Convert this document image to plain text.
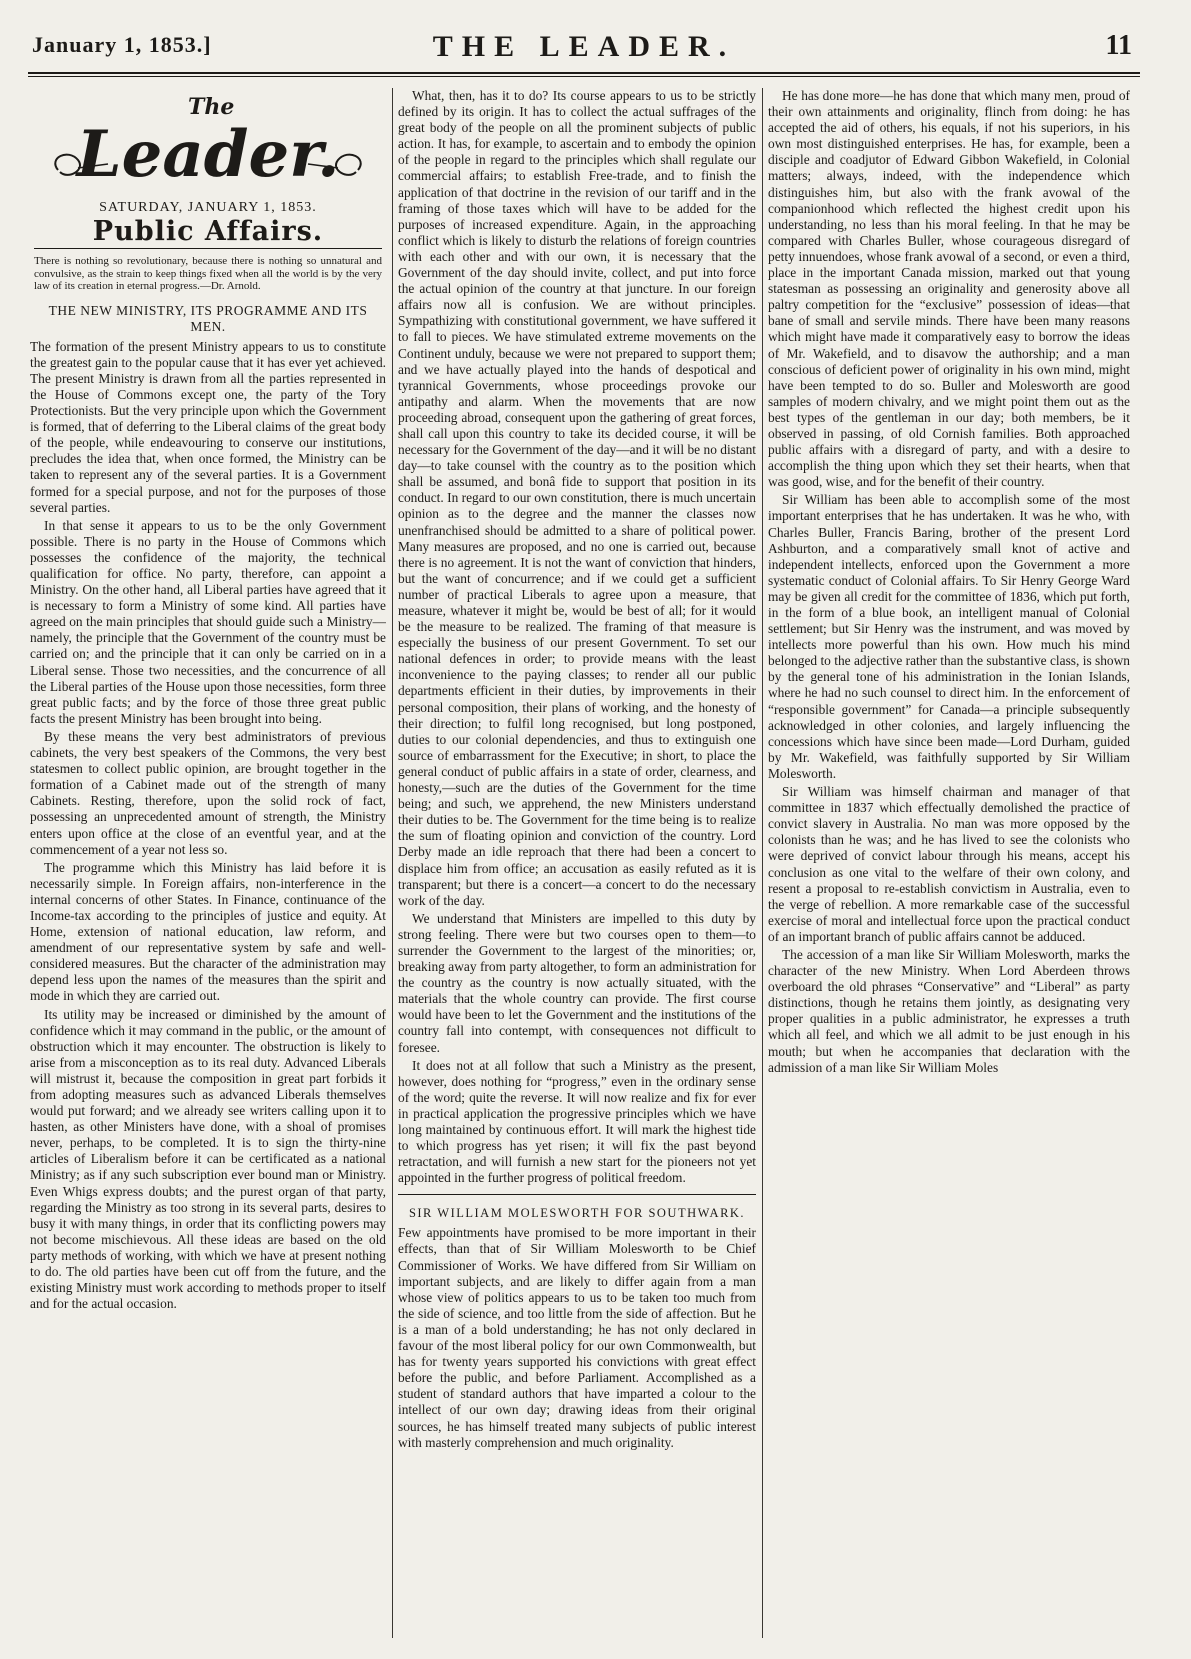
January 1, 1853.]	THE LEADER.	11
The
Leader.
SATURDAY, JANUARY 1, 1853.
Public Affairs.
There is nothing so revolutionary, because there is nothing so unnatural and convulsive, as the strain to keep things fixed when all the world is by the very law of its creation in eternal progress.—Dr. Arnold.
THE NEW MINISTRY, ITS PROGRAMME AND ITS MEN.

The formation of the present Ministry appears to us to constitute the greatest gain to the popular cause that it has ever yet achieved. The present Ministry is drawn from all the parties represented in the House of Commons except one, the party of the Tory Protectionists. But the very principle upon which the Government is formed, that of deferring to the Liberal claims of the great body of the people, while endeavouring to conserve our institutions, precludes the idea that, when once formed, the Ministry can be taken to represent any of the several parties. It is a Government formed for a special purpose, and not for the purposes of those several parties.

In that sense it appears to us to be the only Government possible. There is no party in the House of Commons which possesses the confidence of the majority, the technical qualification for office. No party, therefore, can appoint a Ministry. On the other hand, all Liberal parties have agreed that it is necessary to form a Ministry of some kind. All parties have agreed on the main principles that should guide such a Ministry—namely, the principle that the Government of the country must be carried on; and the principle that it can only be carried on in a Liberal sense. Those two necessities, and the concurrence of all the Liberal parties of the House upon those necessities, form three great public facts; and by the force of those three great public facts the present Ministry has been brought into being.

By these means the very best administrators of previous cabinets, the very best speakers of the Commons, the very best statesmen to collect public opinion, are brought together in the formation of a Cabinet made out of the strength of many Cabinets. Resting, therefore, upon the solid rock of fact, possessing an unprecedented amount of strength, the Ministry enters upon office at the close of an eventful year, and at the commencement of a year not less so.

The programme which this Ministry has laid before it is necessarily simple. In Foreign affairs, non-interference in the internal concerns of other States. In Finance, continuance of the Income-tax according to the principles of justice and equity. At Home, extension of national education, law reform, and amendment of our representative system by safe and well-considered measures. But the character of the administration may depend less upon the names of the measures than the spirit and mode in which they are carried out.

Its utility may be increased or diminished by the amount of confidence which it may command in the public, or the amount of obstruction which it may encounter. The obstruction is likely to arise from a misconception as to its real duty. Advanced Liberals will mistrust it, because the composition in great part forbids it from adopting measures such as advanced Liberals themselves would put forward; and we already see writers calling upon it to hasten, as other Ministers have done, with a shoal of promises never, perhaps, to be completed. It is to sign the thirty-nine articles of Liberalism before it can be certificated as a national Ministry; as if any such subscription ever bound man or Ministry. Even Whigs express doubts; and the purest organ of that party, regarding the Ministry as too strong in its several parts, desires to busy it with many things, in order that its conflicting powers may not become mischievous. All these ideas are based on the old party methods of working, with which we have at present nothing to do. The old parties have been cut off from the future, and the existing Ministry must work according to methods proper to itself and for the actual occasion.

What, then, has it to do? Its course appears to us to be strictly defined by its origin. It has to collect the actual suffrages of the great body of the people on all the prominent subjects of public action. It has, for example, to ascertain and to embody the opinion of the people in regard to the principles which shall regulate our commercial affairs; to establish Free-trade, and to finish the application of that doctrine in the revision of our tariff and in the framing of those taxes which will have to be added for the purposes of increased expenditure. Again, in the approaching conflict which is likely to disturb the relations of foreign countries with each other and with our own, it is necessary that the Government of the day should invite, collect, and put into force the actual opinion of the country at that juncture. In our foreign affairs now all is confusion. We are without principles. Sympathizing with constitutional government, we have suffered it to fall to pieces. We have stimulated extreme movements on the Continent unduly, because we were not prepared to support them; and we have actually played into the hands of despotical and tyrannical Governments, whose proceedings provoke our antipathy and alarm. When the movements that are now proceeding abroad, consequent upon the gathering of great forces, shall call upon this country to take its decided course, it will be necessary for the Government of the day—and it will be no distant day—to take counsel with the country as to the position which shall be assumed, and bonâ fide to support that position in its conduct. In regard to our own constitution, there is much uncertain opinion as to the degree and the manner the classes now unenfranchised should be admitted to a share of political power. Many measures are proposed, and no one is carried out, because there is no agreement. It is not the want of conviction that hinders, but the want of concurrence; and if we could get a sufficient number of practical Liberals to agree upon a measure, that measure, whatever it might be, would be best of all; for it would be the measure to be realized. The framing of that measure is especially the business of our present Government. To set our national defences in order; to provide means with the least inconvenience to the paying classes; to render all our public departments efficient in their duties, by improvements in their personal composition, their plans of working, and the honesty of their direction; to fulfil long recognised, but long postponed, duties to our colonial dependencies, and thus to extinguish one source of embarrassment for the Executive; in short, to place the general conduct of public affairs in a state of order, clearness, and honesty,—such are the duties of the Government for the time being; and such, we apprehend, the new Ministers understand their duties to be. The Government for the time being is to realize the sum of floating opinion and conviction of the country. Lord Derby made an idle reproach that there had been a concert to displace him from office; an accusation as easily refuted as it is transparent; but there is a concert—a concert to do the necessary work of the day.

We understand that Ministers are impelled to this duty by strong feeling. There were but two courses open to them—to surrender the Government to the largest of the minorities; or, breaking away from party altogether, to form an administration for the country as the country is now actually situated, with the materials that the whole country can provide. The first course would have been to let the Government and the institutions of the country fall into contempt, with consequences not difficult to foresee.

It does not at all follow that such a Ministry as the present, however, does nothing for “progress,” even in the ordinary sense of the word; quite the reverse. It will now realize and fix for ever in practical application the progressive principles which we have long maintained by continuous effort. It will mark the highest tide to which progress has yet risen; it will fix the past beyond retractation, and will furnish a new start for the pioneers not yet appointed in the further progress of political freedom.

SIR WILLIAM MOLESWORTH FOR SOUTHWARK.

Few appointments have promised to be more important in their effects, than that of Sir William Molesworth to be Chief Commissioner of Works. We have differed from Sir William on important subjects, and are likely to differ again from a man whose view of politics appears to us to be taken too much from the side of science, and too little from the side of affection. But he is a man of a bold understanding; he has not only declared in favour of the most liberal policy for our own Commonwealth, but has for twenty years supported his convictions with great effect before the public, and before Parliament. Accomplished as a student of standard authors that have imparted a colour to the intellect of our own day; drawing ideas from their original sources, he has himself treated many subjects of public interest with masterly comprehension and much originality.

He has done more—he has done that which many men, proud of their own attainments and originality, flinch from doing: he has accepted the aid of others, his equals, if not his superiors, in his own most distinguished enterprises. He has, for example, been a disciple and coadjutor of Edward Gibbon Wakefield, in Colonial matters; always, indeed, with the independence which distinguishes him, but also with the frank avowal of the companionhood which reflected the highest credit upon his understanding, no less than his moral feeling. In that he may be compared with Charles Buller, whose courageous disregard of petty innuendoes, whose frank avowal of a second, or even a third, place in the important Canada mission, marked out that young statesman as possessing an originality and generosity above all paltry competition for the “exclusive” possession of ideas—that bane of small and servile minds. There have been many reasons which might have made it comparatively easy to borrow the ideas of Mr. Wakefield, and to disavow the authorship; and a man conscious of deficient power of originality in his own mind, might have been tempted to do so. Buller and Molesworth are good samples of modern chivalry, and we might point them out as the best types of the gentleman in our day; both members, be it observed in passing, of old Cornish families. Both approached public affairs with a disregard of party, and with a desire to accomplish the thing upon which they set their hearts, when that was good, wise, and for the benefit of their country.

Sir William has been able to accomplish some of the most important enterprises that he has undertaken. It was he who, with Charles Buller, Francis Baring, brother of the present Lord Ashburton, and a comparatively small knot of active and independent intellects, enforced upon the Government a more systematic conduct of Colonial affairs. To Sir Henry George Ward may be given all credit for the committee of 1836, which put forth, in the form of a blue book, an intelligent manual of Colonial settlement; but Sir Henry was the instrument, and was moved by intellects more powerful than his own. How much his mind belonged to the adjective rather than the substantive class, is shown by the general tone of his administration in the Ionian Islands, where he had no such counsel to direct him. In the enforcement of “responsible government” for Canada—a principle subsequently acknowledged in other colonies, and largely influencing the concessions which have since been made—Lord Durham, guided by Mr. Wakefield, was faithfully supported by Sir William Molesworth.

Sir William was himself chairman and manager of that committee in 1837 which effectually demolished the practice of convict slavery in Australia. No man was more opposed by the colonists than he was; and he has lived to see the colonists who were deprived of convict labour through his means, accept his conclusion as one vital to the welfare of their own colony, and resent a proposal to re-establish convictism in Australia, even to the verge of rebellion. A more remarkable case of the successful exercise of moral and intellectual force upon the practical conduct of an important branch of public affairs cannot be adduced.

The accession of a man like Sir William Molesworth, marks the character of the new Ministry. When Lord Aberdeen throws overboard the old phrases “Conservative” and “Liberal” as party distinctions, though he retains them jointly, as designating very proper qualities in a public administrator, he expresses a truth which all feel, and which we all admit to be just enough in his mouth; but when he accompanies that declaration with the admission of a man like Sir William Moles
